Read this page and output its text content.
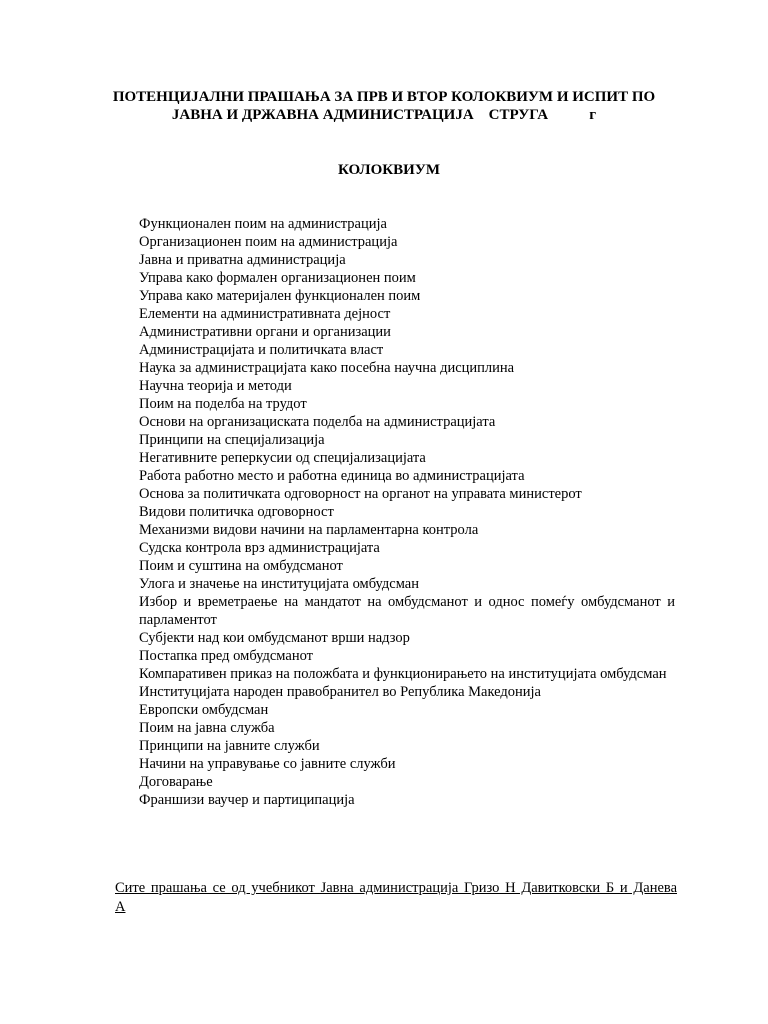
ПОТЕНЦИЈАЛНИ ПРАШАЊА ЗА ПРВ И ВТОР КОЛОКВИУМ И ИСПИТ ПО
ЈАВНА И ДРЖАВНА АДМИНИСТРАЦИЈА    СТРУГА           г
КОЛОКВИУМ
Функционален поим на администрација
Организационен поим на администрација
Јавна и приватна администрација
Управа како формален организационен поим
Управа како материјален функционален поим
Елементи на административната дејност
Административни органи и организации
Администрацијата и политичката власт
Наука за администрацијата како посебна научна дисциплина
Научна теорија и методи
Поим на поделба на трудот
Основи на организациската поделба на администрацијата
Принципи на специјализација
Негативните реперкусии од специјализацијата
Работа работно место и работна единица во администрацијата
Основа за политичката одговорност на органот на управата министерот
Видови политичка одговорност
Механизми видови начини на парламентарна контрола
Судска контрола врз администрацијата
Поим и суштина на омбудсманот
Улога и значење на институцијата омбудсман
Избор и времетраење на мандатот на омбудсманот и однос помеѓу омбудсманот и парламентот
Субјекти над кои омбудсманот врши надзор
Постапка пред омбудсманот
Компаративен приказ на положбата и функционирањето на институцијата омбудсман
Институцијата народен правобранител во Република Македонија
Европски омбудсман
Поим на јавна служба
Принципи на јавните служби
Начини на управување со јавните служби
Договарање
Франшизи ваучер и партиципација
Сите прашања се од учебникот Јавна администрација Гризо Н Давитковски Б и Данева А
